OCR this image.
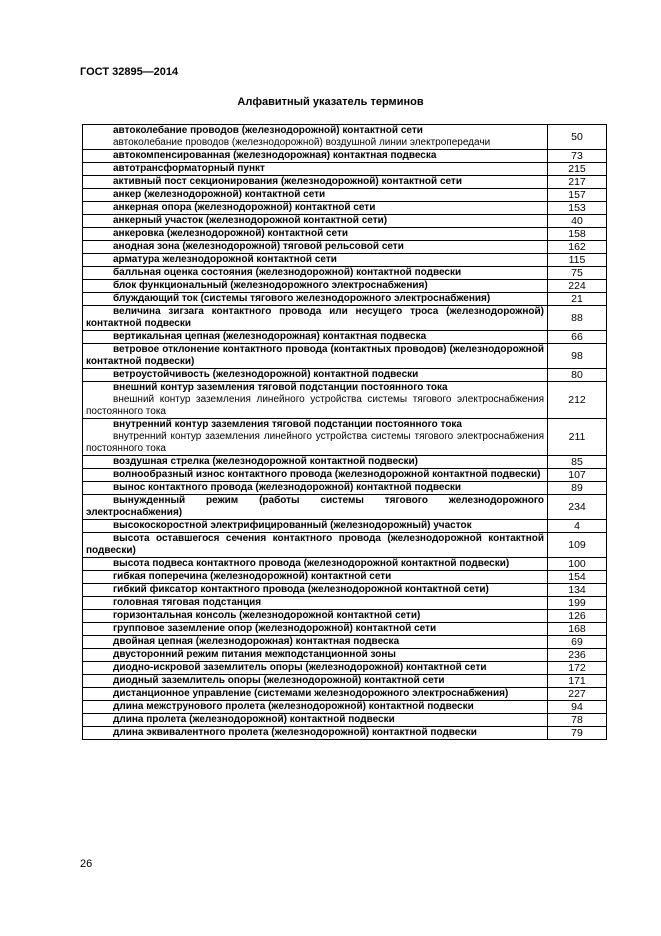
ГОСТ 32895—2014
Алфавитный указатель терминов
автоколебание проводов (железнодорожной) контактной сети
автоколебание проводов (железнодорожной) воздушной линии электропередачи	50

автокомпенсированная (железнодорожная) контактная подвеска	73

автотрансформаторный пункт	215

активный пост секционирования (железнодорожной) контактной сети	217

анкер (железнодорожной) контактной сети	157

анкерная опора (железнодорожной) контактной сети	153

анкерный участок (железнодорожной контактной сети)	40

анкеровка (железнодорожной) контактной сети	158

анодная зона (железнодорожной) тяговой рельсовой сети	162

арматура железнодорожной контактной сети	115

балльная оценка состояния (железнодорожной) контактной подвески	75

блок функциональный (железнодорожного электроснабжения)	224

блуждающий ток (системы тягового железнодорожного электроснабжения)	21

величина зигзага контактного провода или несущего троса (железнодорожной) контактной подвески	88

вертикальная цепная (железнодорожная) контактная подвеска	66

ветровое отклонение контактного провода (контактных проводов) (железнодорожной контактной подвески)	98

ветроустойчивость (железнодорожной) контактной подвески	80

внешний контур заземления тяговой подстанции постоянного тока
внешний контур заземления линейного устройства системы тягового электроснабжения постоянного тока	212

внутренний контур заземления тяговой подстанции постоянного тока
внутренний контур заземления линейного устройства системы тягового электроснабжения постоянного тока	211

воздушная стрелка (железнодорожной контактной подвески)	85

волнообразный износ контактного провода (железнодорожной контактной подвески)	107

вынос контактного провода (железнодорожной) контактной подвески	89

вынужденный режим (работы системы тягового железнодорожного электроснабжения)	234

высокоскоростной электрифицированный (железнодорожный) участок	4

высота оставшегося сечения контактного провода (железнодорожной контактной подвески)	109

высота подвеса контактного провода (железнодорожной контактной подвески)	100

гибкая поперечина (железнодорожной) контактной сети	154

гибкий фиксатор контактного провода (железнодорожной контактной сети)	134

головная тяговая подстанция	199

горизонтальная консоль (железнодорожной контактной сети)	126

групповое заземление опор (железнодорожной) контактной сети	168

двойная цепная (железнодорожная) контактная подвеска	69

двусторонний режим питания межподстанционной зоны	236

диодно-искровой заземлитель опоры (железнодорожной) контактной сети	172

диодный заземлитель опоры (железнодорожной) контактной сети	171

дистанционное управление (системами железнодорожного электроснабжения)	227

длина межструнового пролета (железнодорожной) контактной подвески	94

длина пролета (железнодорожной) контактной подвески	78

длина эквивалентного пролета (железнодорожной) контактной подвески	79
26
